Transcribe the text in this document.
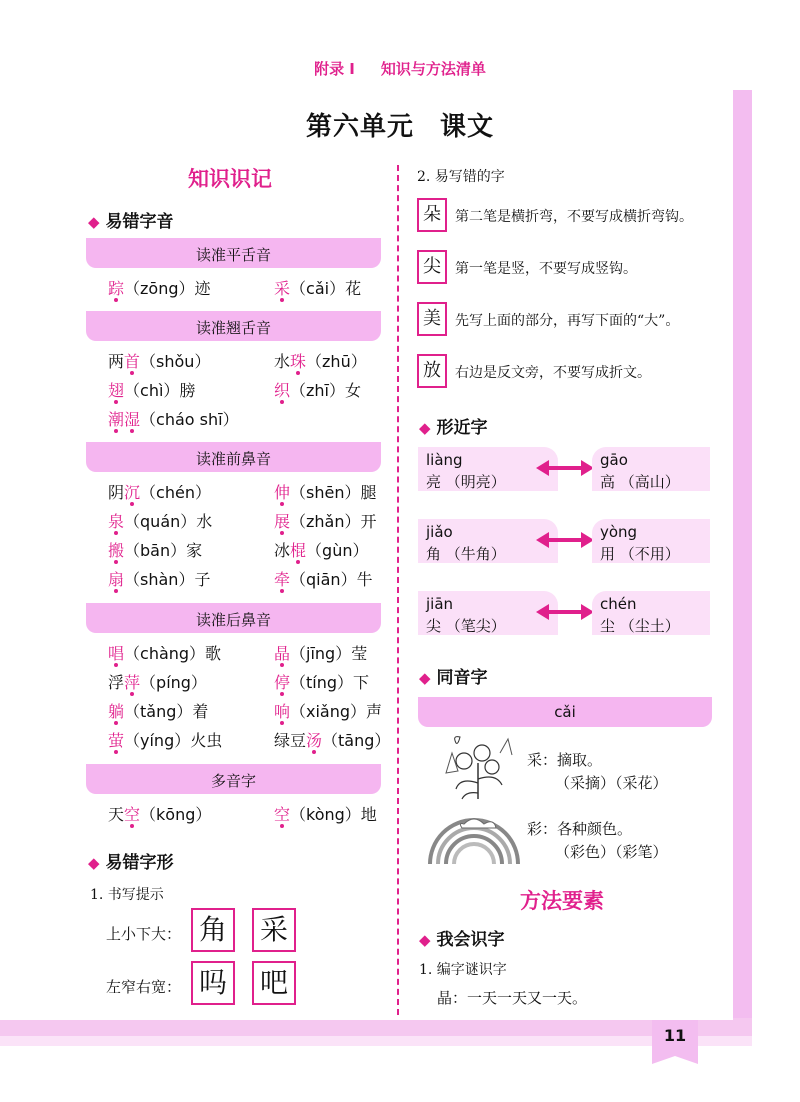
附录 I 知识与方法清单
第六单元 课文
知识识记
◆ 易错字音
读准平舌音
踪（zōng）迹	采（cǎi）花
读准翘舌音
两首（shǒu）	水珠（zhū）
翅（chì）膀	织（zhī）女
潮湿（cháo shī）
读准前鼻音
阴沉（chén）	伸（shēn）腿
泉（quán）水	展（zhǎn）开
搬（bān）家	冰棍（gùn）
扇（shàn）子	牵（qiān）牛
读准后鼻音
唱（chàng）歌	晶（jīng）莹
浮萍（píng）	停（tíng）下
躺（tǎng）着	响（xiǎng）声
萤（yíng）火虫	绿豆汤（tāng）
多音字
天空（kōng）	空（kòng）地
◆ 易错字形
1. 书写提示
上小下大： 角 采
左窄右宽： 吗 吧
2. 易写错的字
朵	第二笔是横折弯，不要写成横折弯钩。
尖	第一笔是竖，不要写成竖钩。
美	先写上面的部分，再写下面的“大”。
放	右边是反文旁，不要写成折文。
◆ 形近字
liàng
亮 （明亮）
gāo
高 （高山）
jiǎo
角 （牛角）
yòng
用 （不用）
jiān
尖 （笔尖）
chén
尘 （尘土）
◆ 同音字
cǎi
采：摘取。
（采摘）（采花）
彩：各种颜色。
（彩色）（彩笔）
方法要素
◆ 我会识字
1. 编字谜识字
晶：一天一天又一天。
11
